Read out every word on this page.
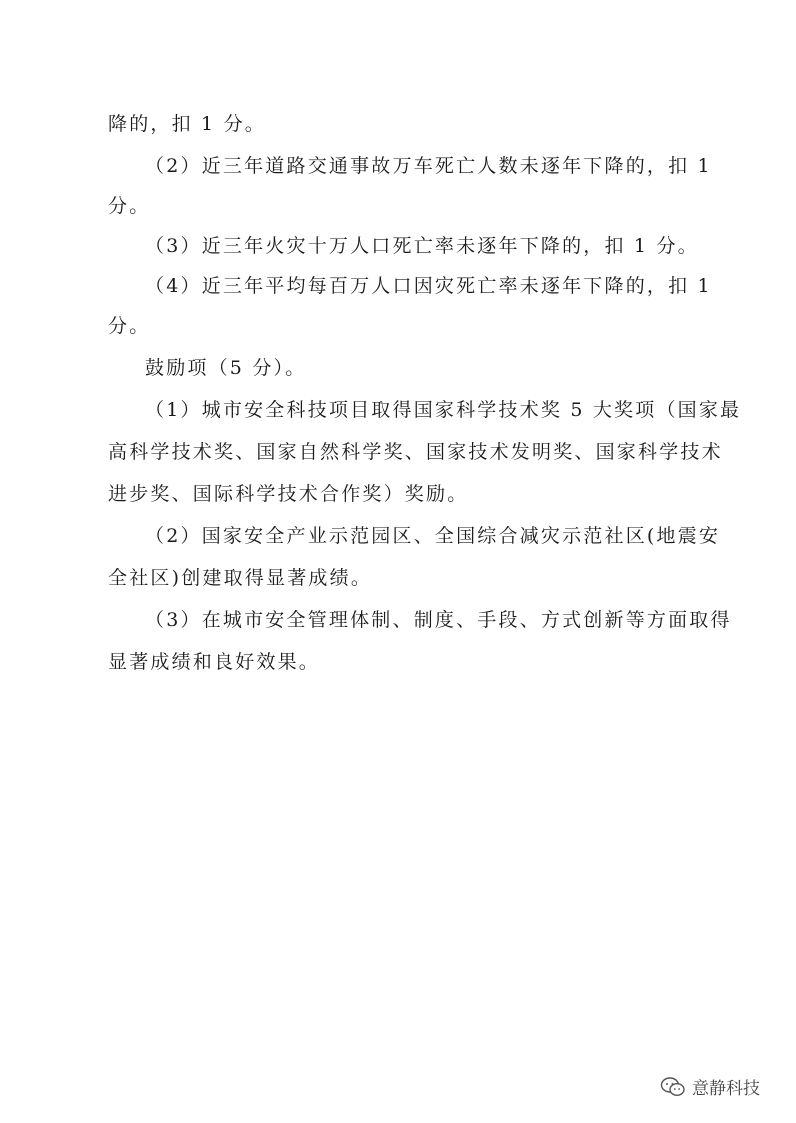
降的，扣 1 分。
（2）近三年道路交通事故万车死亡人数未逐年下降的，扣 1
分。
（3）近三年火灾十万人口死亡率未逐年下降的，扣 1 分。
（4）近三年平均每百万人口因灾死亡率未逐年下降的，扣 1
分。
鼓励项（5 分）。
（1）城市安全科技项目取得国家科学技术奖 5 大奖项（国家最
高科学技术奖、国家自然科学奖、国家技术发明奖、国家科学技术
进步奖、国际科学技术合作奖）奖励。
（2）国家安全产业示范园区、全国综合减灾示范社区(地震安
全社区)创建取得显著成绩。
（3）在城市安全管理体制、制度、手段、方式创新等方面取得
显著成绩和良好效果。
意静科技
